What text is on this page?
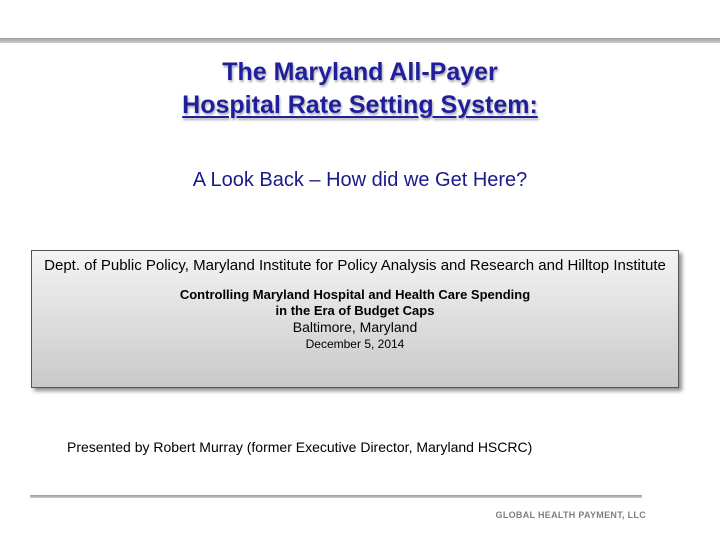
The Maryland All-Payer
Hospital Rate Setting System:
A Look Back – How did we Get Here?
Dept. of Public Policy, Maryland Institute for Policy Analysis and Research and Hilltop Institute
Controlling Maryland Hospital and Health Care Spending
in the Era of Budget Caps
Baltimore, Maryland
December 5, 2014
Presented by Robert Murray (former Executive Director, Maryland HSCRC)
GLOBAL HEALTH PAYMENT, LLC
